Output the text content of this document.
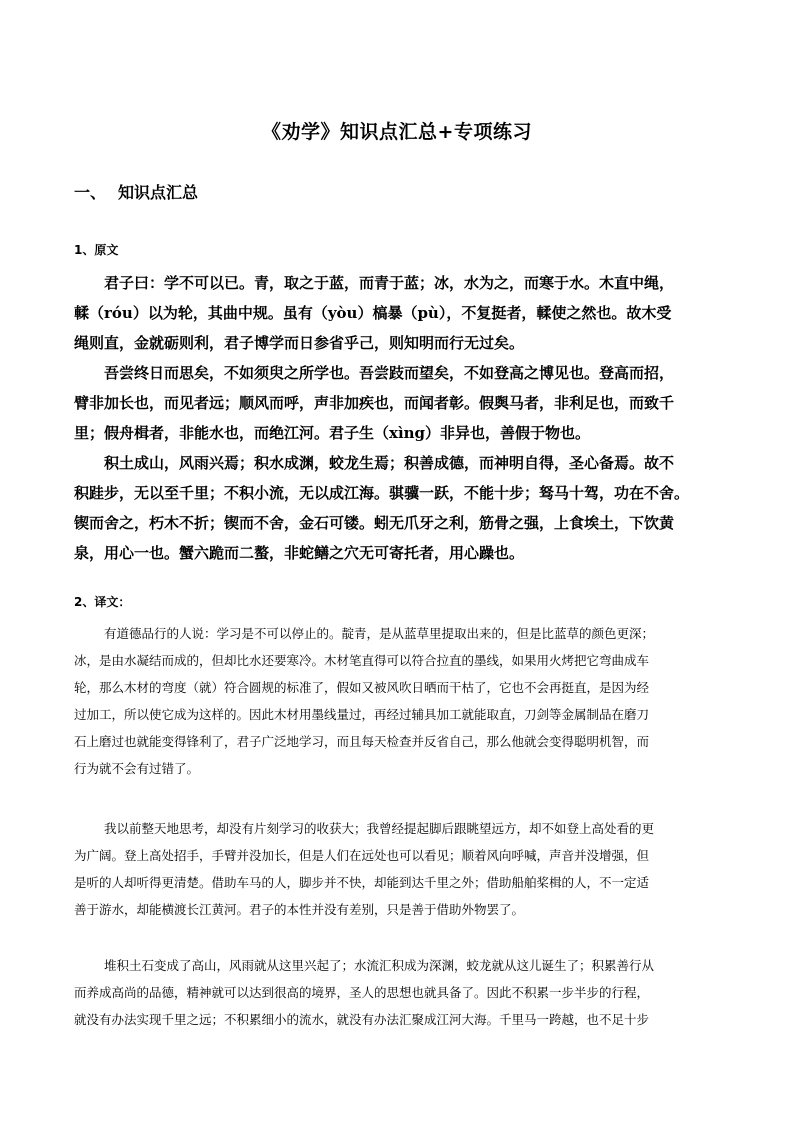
《劝学》知识点汇总+专项练习
一、 知识点汇总
1、原文
君子曰：学不可以已。青，取之于蓝，而青于蓝；冰，水为之，而寒于水。木直中绳，
輮（róu）以为轮，其曲中规。虽有（yòu）槁暴（pù），不复挺者，輮使之然也。故木受
绳则直，金就砺则利，君子博学而日参省乎己，则知明而行无过矣。
吾尝终日而思矣，不如须臾之所学也。吾尝跂而望矣，不如登高之博见也。登高而招，
臂非加长也，而见者远；顺风而呼，声非加疾也，而闻者彰。假舆马者，非利足也，而致千
里；假舟楫者，非能水也，而绝江河。君子生（xìng）非异也，善假于物也。
积土成山，风雨兴焉；积水成渊，蛟龙生焉；积善成德，而神明自得，圣心备焉。故不
积跬步，无以至千里；不积小流，无以成江海。骐骥一跃，不能十步；驽马十驾，功在不舍。
锲而舍之，朽木不折；锲而不舍，金石可镂。蚓无爪牙之利，筋骨之强，上食埃土，下饮黄
泉，用心一也。蟹六跪而二螯，非蛇鳝之穴无可寄托者，用心躁也。
2、译文：
有道德品行的人说：学习是不可以停止的。靛青，是从蓝草里提取出来的，但是比蓝草的颜色更深；
冰，是由水凝结而成的，但却比水还要寒冷。木材笔直得可以符合拉直的墨线，如果用火烤把它弯曲成车
轮，那么木材的弯度（就）符合圆规的标准了，假如又被风吹日晒而干枯了，它也不会再挺直，是因为经
过加工，所以使它成为这样的。因此木材用墨线量过，再经过辅具加工就能取直，刀剑等金属制品在磨刀
石上磨过也就能变得锋利了，君子广泛地学习，而且每天检查并反省自己，那么他就会变得聪明机智，而
行为就不会有过错了。
我以前整天地思考，却没有片刻学习的收获大；我曾经提起脚后跟眺望远方，却不如登上高处看的更
为广阔。登上高处招手，手臂并没加长，但是人们在远处也可以看见；顺着风向呼喊，声音并没增强，但
是听的人却听得更清楚。借助车马的人，脚步并不快，却能到达千里之外；借助船舶桨楫的人，不一定适
善于游水，却能横渡长江黄河。君子的本性并没有差别，只是善于借助外物罢了。
堆积土石变成了高山，风雨就从这里兴起了；水流汇积成为深渊，蛟龙就从这儿诞生了；积累善行从
而养成高尚的品德，精神就可以达到很高的境界，圣人的思想也就具备了。因此不积累一步半步的行程，
就没有办法实现千里之远；不积累细小的流水，就没有办法汇聚成江河大海。千里马一跨越，也不足十步
